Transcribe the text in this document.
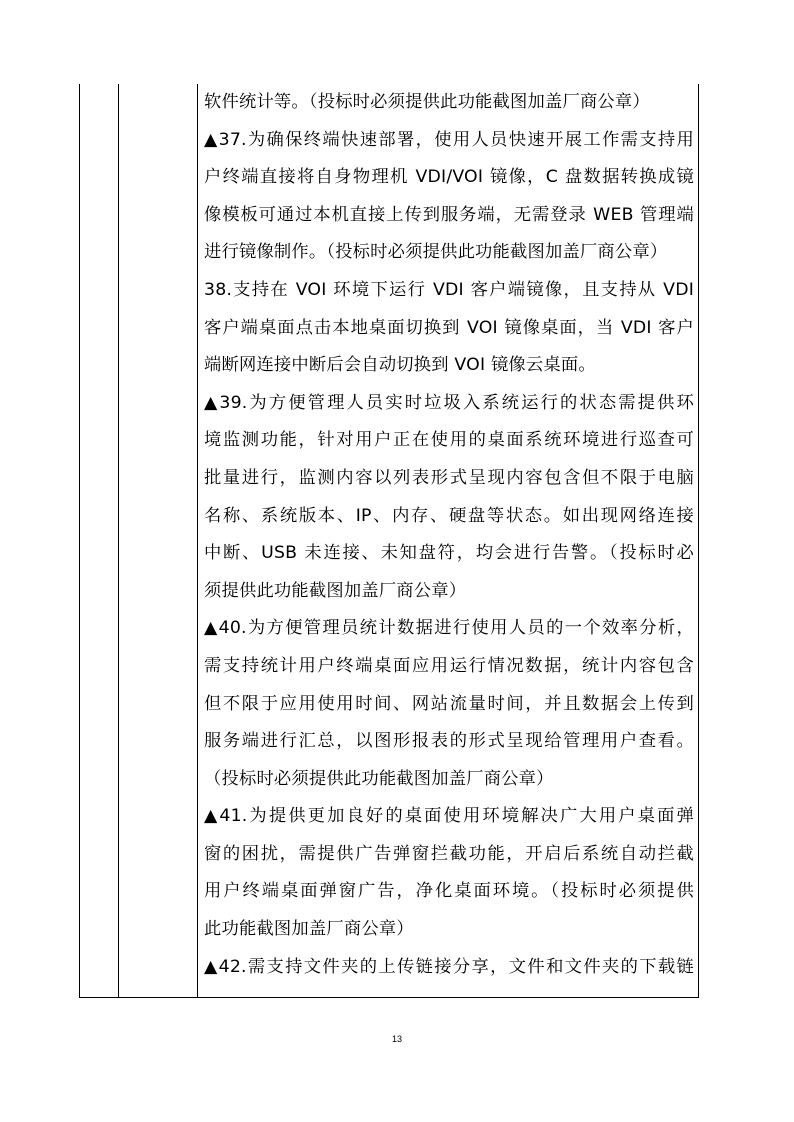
软件统计等。（投标时必须提供此功能截图加盖厂商公章）
▲37.为确保终端快速部署，使用人员快速开展工作需支持用
户终端直接将自身物理机 VDI/VOI 镜像，C 盘数据转换成镜
像模板可通过本机直接上传到服务端，无需登录 WEB 管理端
进行镜像制作。（投标时必须提供此功能截图加盖厂商公章）
38.支持在 VOI 环境下运行 VDI 客户端镜像，且支持从 VDI
客户端桌面点击本地桌面切换到 VOI 镜像桌面，当 VDI 客户
端断网连接中断后会自动切换到 VOI 镜像云桌面。
▲39.为方便管理人员实时垃圾入系统运行的状态需提供环
境监测功能，针对用户正在使用的桌面系统环境进行巡查可
批量进行，监测内容以列表形式呈现内容包含但不限于电脑
名称、系统版本、IP、内存、硬盘等状态。如出现网络连接
中断、USB 未连接、未知盘符，均会进行告警。（投标时必
须提供此功能截图加盖厂商公章）
▲40.为方便管理员统计数据进行使用人员的一个效率分析，
需支持统计用户终端桌面应用运行情况数据，统计内容包含
但不限于应用使用时间、网站流量时间，并且数据会上传到
服务端进行汇总，以图形报表的形式呈现给管理用户查看。
（投标时必须提供此功能截图加盖厂商公章）
▲41.为提供更加良好的桌面使用环境解决广大用户桌面弹
窗的困扰，需提供广告弹窗拦截功能，开启后系统自动拦截
用户终端桌面弹窗广告，净化桌面环境。（投标时必须提供
此功能截图加盖厂商公章）
▲42.需支持文件夹的上传链接分享，文件和文件夹的下载链
13
